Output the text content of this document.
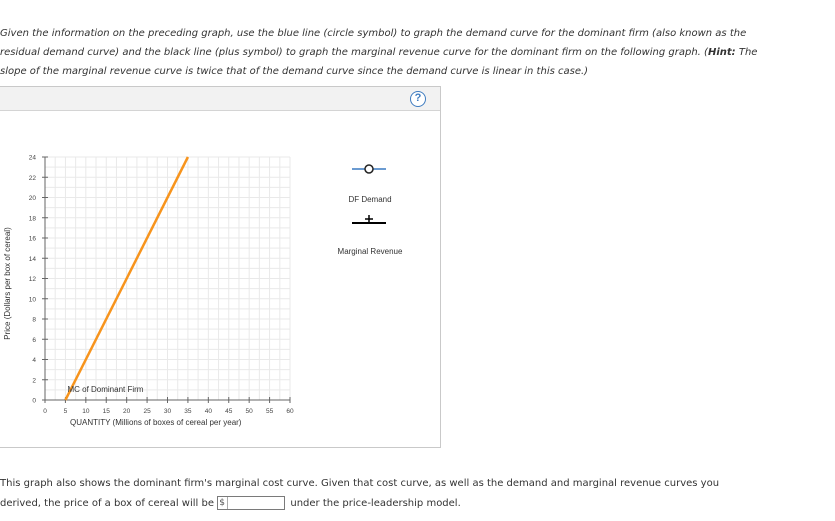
Given the information on the preceding graph, use the blue line (circle symbol) to graph the demand curve for the dominant firm (also known as the
residual demand curve) and the black line (plus symbol) to graph the marginal revenue curve for the dominant firm on the following graph. (Hint: The
slope of the marginal revenue curve is twice that of the demand curve since the demand curve is linear in this case.)
?
0
2
4
6
8
10
12
14
16
18
20
22
24
0	5 10 15 20 25 30 35 40 45 50 55 60
MC of Dominant Firm
QUANTITY (Millions of boxes of cereal per year)
Price (Dollars per box of cereal)
DF Demand
Marginal Revenue
This graph also shows the dominant firm's marginal cost curve. Given that cost curve, as well as the demand and marginal revenue curves you
derived, the price of a box of cereal will be $	under the price-leadership model.
